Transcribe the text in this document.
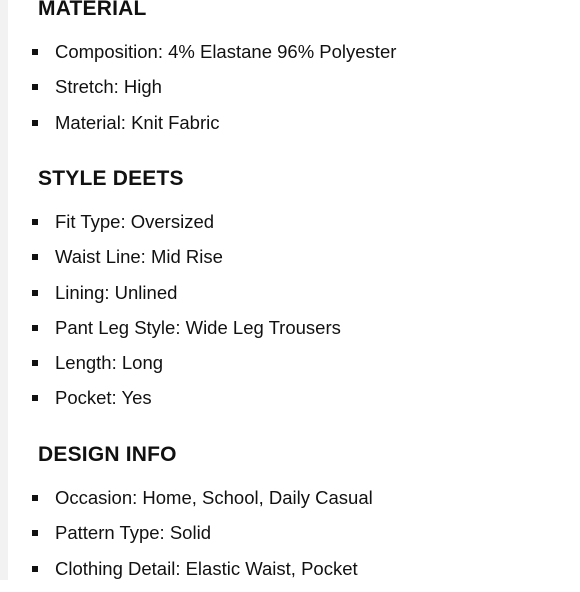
MATERIAL
Composition: 4% Elastane 96% Polyester
Stretch: High
Material: Knit Fabric
STYLE DEETS
Fit Type: Oversized
Waist Line: Mid Rise
Lining: Unlined
Pant Leg Style: Wide Leg Trousers
Length: Long
Pocket: Yes
DESIGN INFO
Occasion: Home, School, Daily Casual
Pattern Type: Solid
Clothing Detail: Elastic Waist, Pocket
